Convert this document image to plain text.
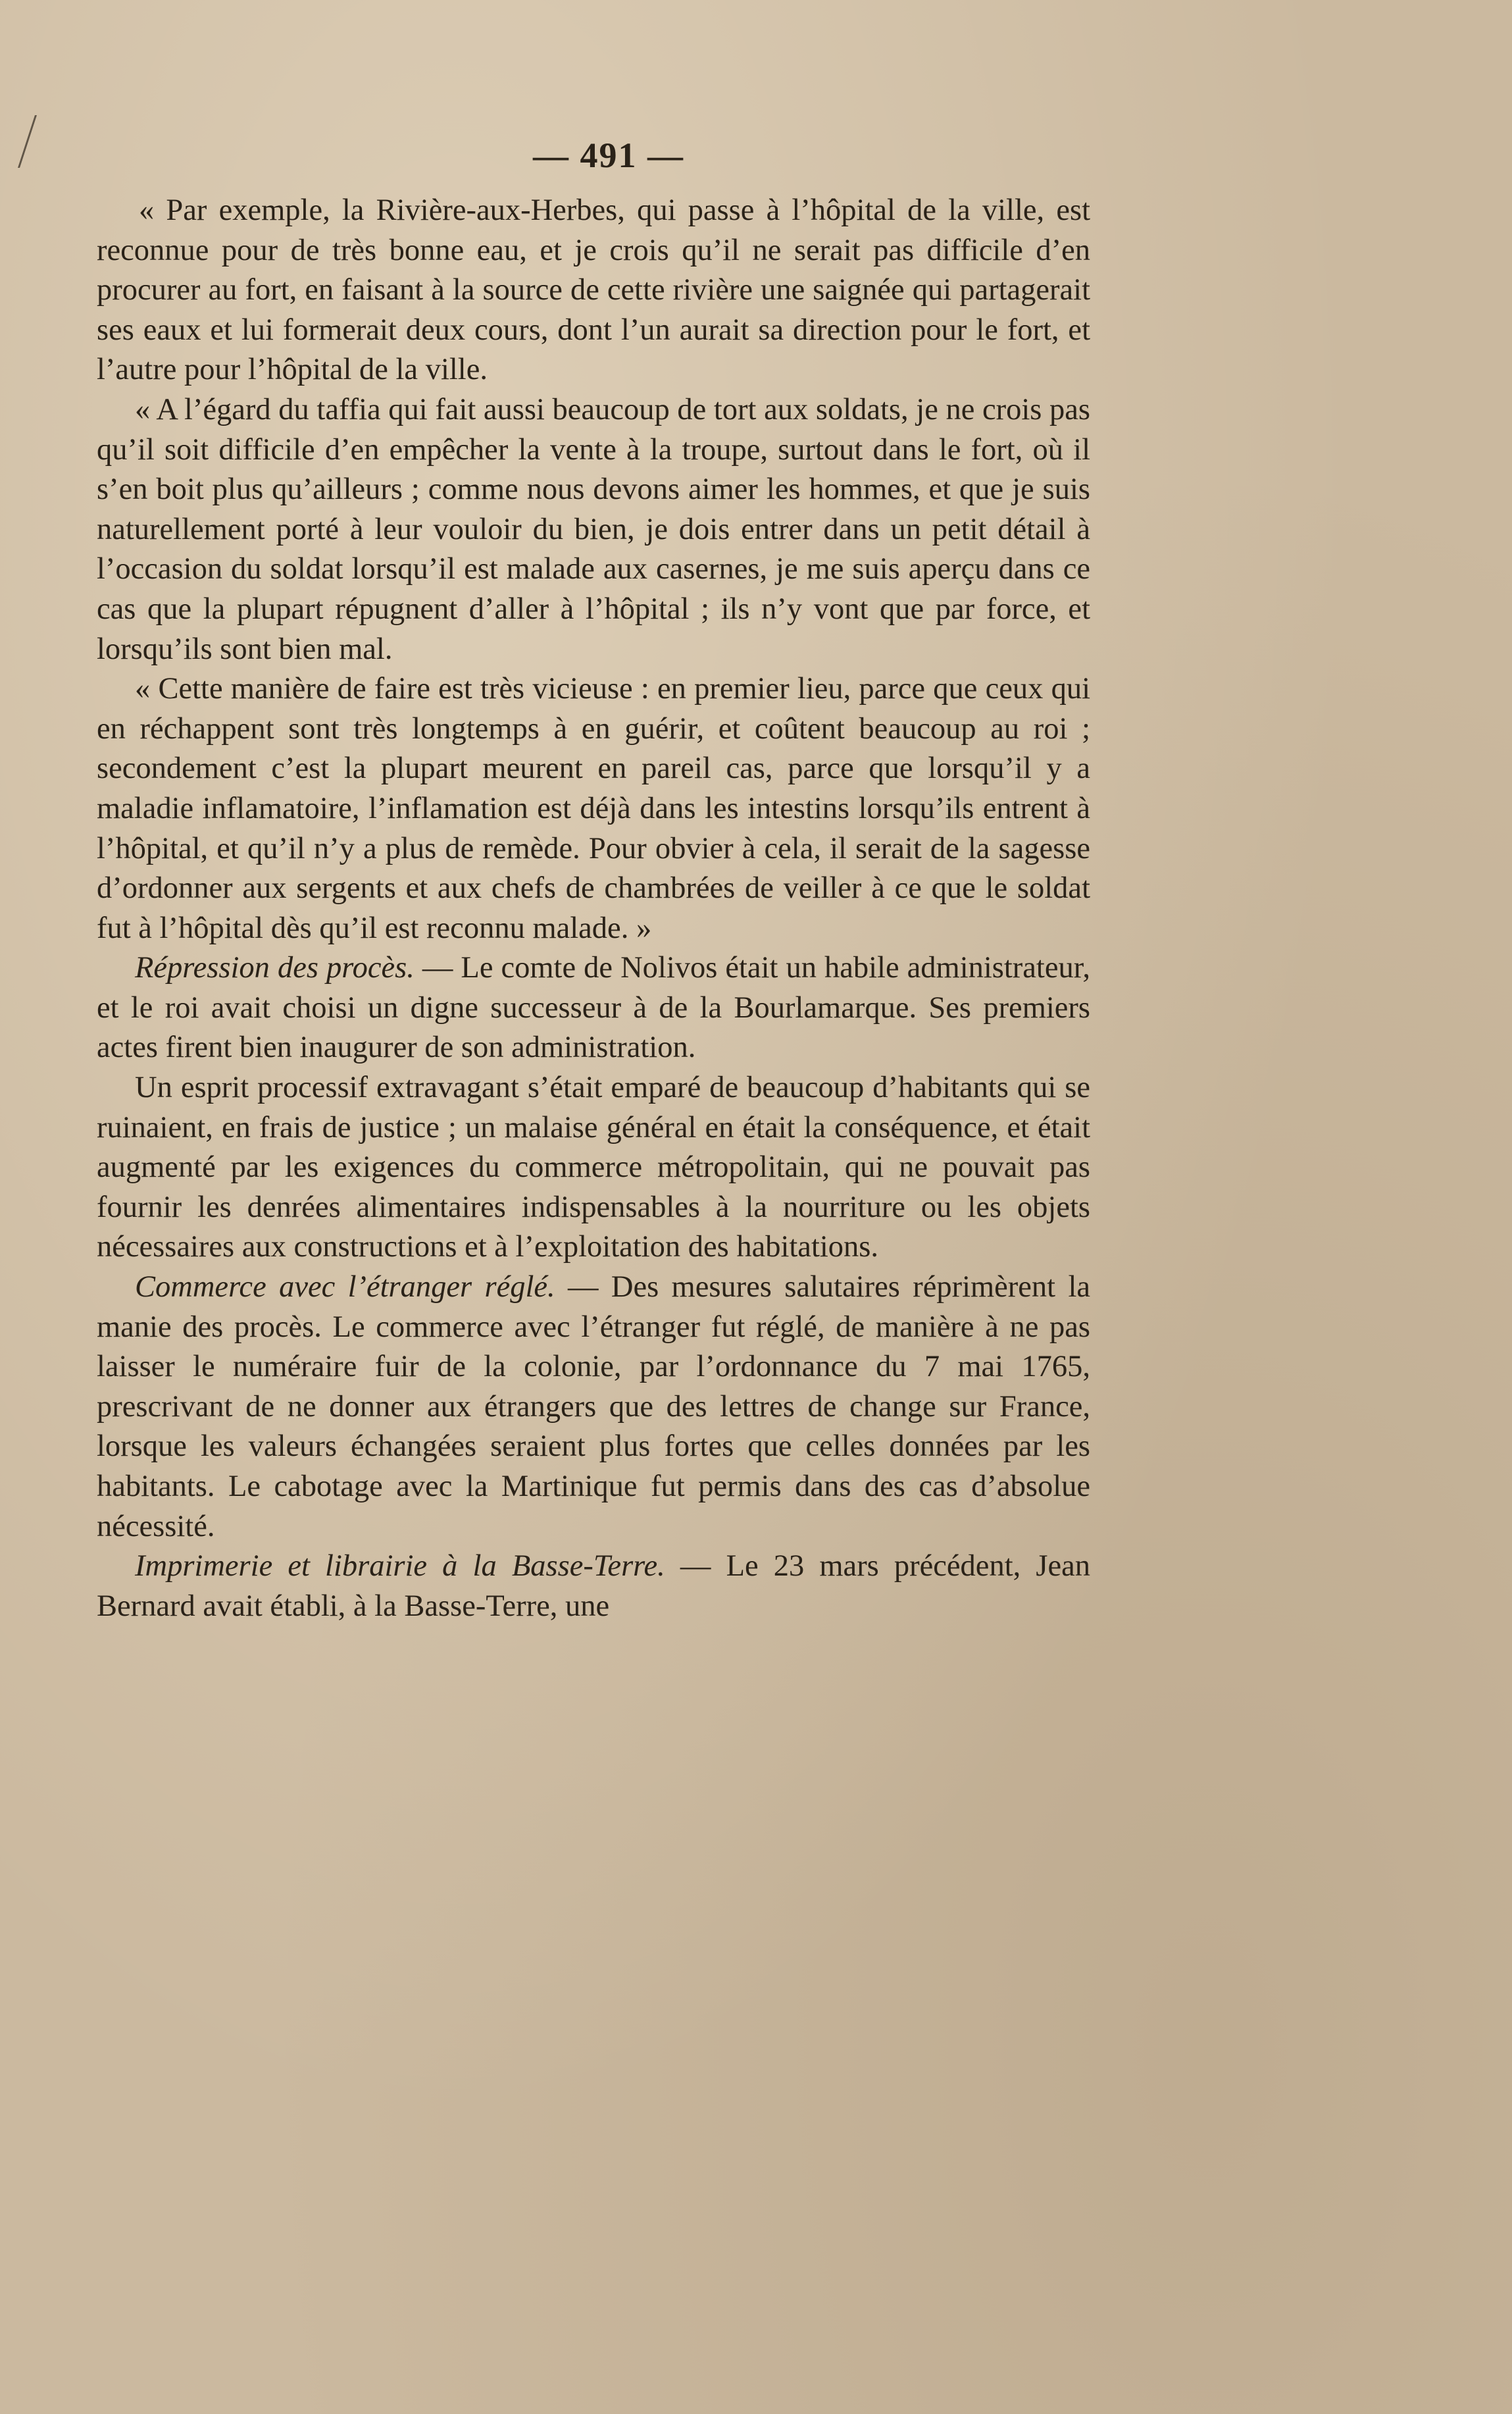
— 491 —

« Par exemple, la Rivière-aux-Herbes, qui passe à l’hôpital de la ville, est reconnue pour de très bonne eau, et je crois qu’il ne serait pas difficile d’en procurer au fort, en faisant à la source de cette rivière une saignée qui partagerait ses eaux et lui formerait deux cours, dont l’un aurait sa direction pour le fort, et l’autre pour l’hôpital de la ville.

« A l’égard du taffia qui fait aussi beaucoup de tort aux soldats, je ne crois pas qu’il soit difficile d’en empêcher la vente à la troupe, surtout dans le fort, où il s’en boit plus qu’ailleurs ; comme nous devons aimer les hommes, et que je suis naturellement porté à leur vouloir du bien, je dois entrer dans un petit détail à l’occasion du soldat lorsqu’il est malade aux casernes, je me suis aperçu dans ce cas que la plupart répugnent d’aller à l’hôpital ; ils n’y vont que par force, et lorsqu’ils sont bien mal.

« Cette manière de faire est très vicieuse : en premier lieu, parce que ceux qui en réchappent sont très longtemps à en guérir, et coûtent beaucoup au roi ; secondement c’est la plupart meurent en pareil cas, parce que lorsqu’il y a maladie inflamatoire, l’inflamation est déjà dans les intestins lorsqu’ils entrent à l’hôpital, et qu’il n’y a plus de remède. Pour obvier à cela, il serait de la sagesse d’ordonner aux sergents et aux chefs de chambrées de veiller à ce que le soldat fut à l’hôpital dès qu’il est reconnu malade. »

Répression des procès. — Le comte de Nolivos était un habile administrateur, et le roi avait choisi un digne successeur à de la Bourlamarque. Ses premiers actes firent bien inaugurer de son administration.

Un esprit processif extravagant s’était emparé de beaucoup d’habitants qui se ruinaient, en frais de justice ; un malaise général en était la conséquence, et était augmenté par les exigences du commerce métropolitain, qui ne pouvait pas fournir les denrées alimentaires indispensables à la nourriture ou les objets nécessaires aux constructions et à l’exploitation des habitations.

Commerce avec l’étranger réglé. — Des mesures salutaires réprimèrent la manie des procès. Le commerce avec l’étranger fut réglé, de manière à ne pas laisser le numéraire fuir de la colonie, par l’ordonnance du 7 mai 1765, prescrivant de ne donner aux étrangers que des lettres de change sur France, lorsque les valeurs échangées seraient plus fortes que celles données par les habitants. Le cabotage avec la Martinique fut permis dans des cas d’absolue nécessité.

Imprimerie et librairie à la Basse-Terre. — Le 23 mars précédent, Jean Bernard avait établi, à la Basse-Terre, une
